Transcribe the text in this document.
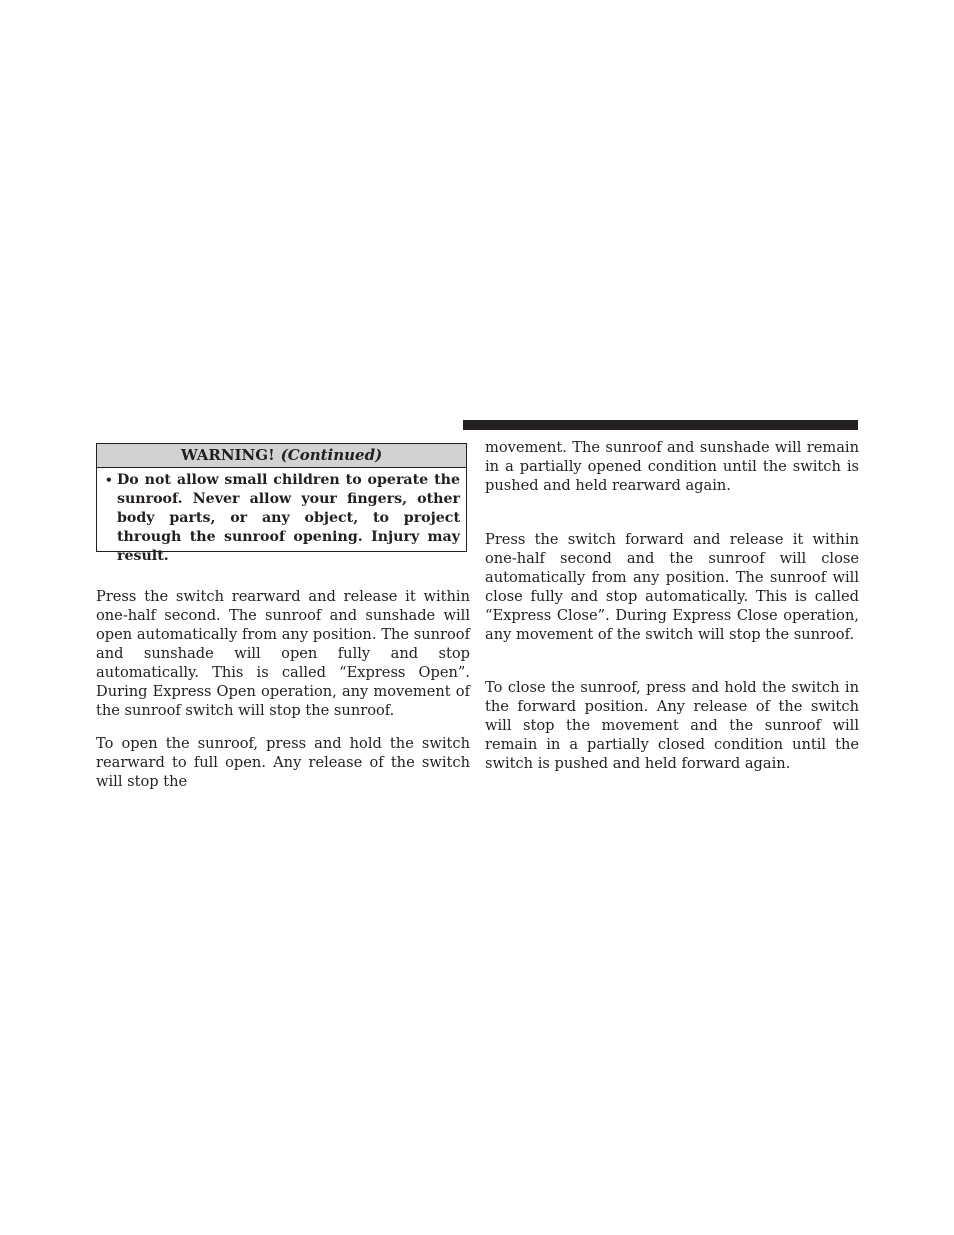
WARNING! (Continued)
• Do not allow small children to operate the sunroof. Never allow your fingers, other body parts, or any object, to project through the sunroof opening. Injury may result.

Press the switch rearward and release it within one-half second. The sunroof and sunshade will open automatically from any position. The sunroof and sunshade will open fully and stop automatically. This is called “Express Open”. During Express Open operation, any movement of the sunroof switch will stop the sunroof.

To open the sunroof, press and hold the switch rearward to full open. Any release of the switch will stop the

movement. The sunroof and sunshade will remain in a partially opened condition until the switch is pushed and held rearward again.

Press the switch forward and release it within one-half second and the sunroof will close automatically from any position. The sunroof will close fully and stop automatically. This is called “Express Close”. During Express Close operation, any movement of the switch will stop the sunroof.

To close the sunroof, press and hold the switch in the forward position. Any release of the switch will stop the movement and the sunroof will remain in a partially closed condition until the switch is pushed and held forward again.
